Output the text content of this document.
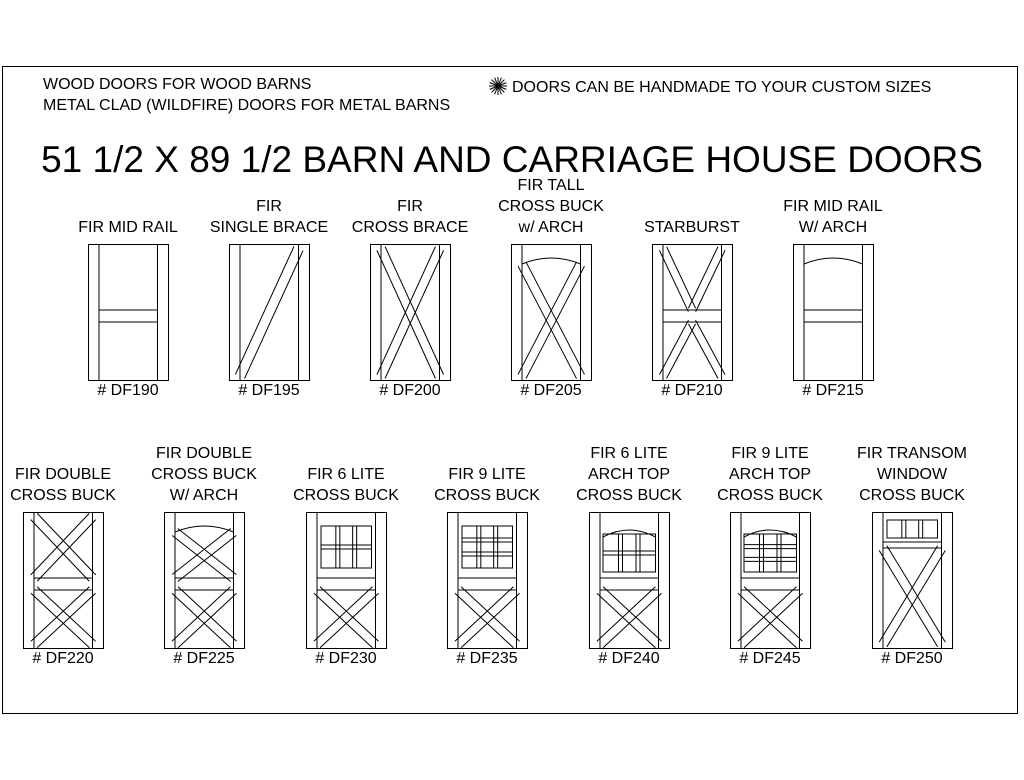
WOOD DOORS FOR WOOD BARNS
METAL CLAD (WILDFIRE) DOORS FOR METAL BARNS
DOORS CAN BE HANDMADE TO YOUR CUSTOM SIZES
51 1/2 X 89 1/2 BARN AND CARRIAGE HOUSE DOORS
FIR MID RAIL
# DF190
FIR
SINGLE BRACE
# DF195
FIR
CROSS BRACE
# DF200
FIR TALL
CROSS BUCK
w/ ARCH
# DF205
STARBURST
# DF210
FIR MID RAIL
W/ ARCH
# DF215
FIR DOUBLE
CROSS BUCK
# DF220
FIR DOUBLE
CROSS BUCK
W/ ARCH
# DF225
FIR 6 LITE
CROSS BUCK
# DF230
FIR 9 LITE
CROSS BUCK
# DF235
FIR 6 LITE
ARCH TOP
CROSS BUCK
# DF240
FIR 9 LITE
ARCH TOP
CROSS BUCK
# DF245
FIR TRANSOM
WINDOW
CROSS BUCK
# DF250
